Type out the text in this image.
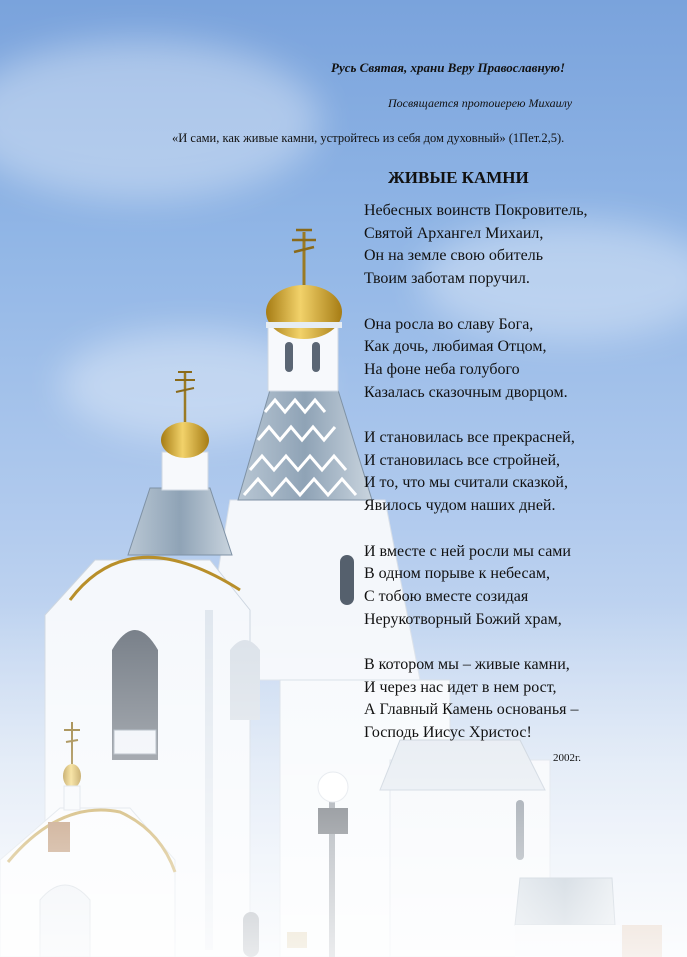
Русь Святая, храни Веру Православную!
Посвящается протоиерею Михаилу
«И сами, как живые камни, устройтесь из себя дом духовный» (1Пет.2,5).
ЖИВЫЕ КАМНИ
Небесных воинств Покровитель,
Святой Архангел Михаил,
Он на земле свою обитель
Твоим заботам поручил.
Она росла во славу Бога,
Как дочь, любимая Отцом,
На фоне неба голубого
Казалась сказочным дворцом.
И становилась все прекрасней,
И становилась все стройней,
И то, что мы считали сказкой,
Явилось чудом наших дней.
И вместе с ней росли мы сами
В одном порыве к небесам,
С тобою вместе созидая
Нерукотворный Божий храм,
В котором мы – живые камни,
И через нас идет в нем рост,
А Главный Камень основанья –
Господь Иисус Христос!
2002г.
